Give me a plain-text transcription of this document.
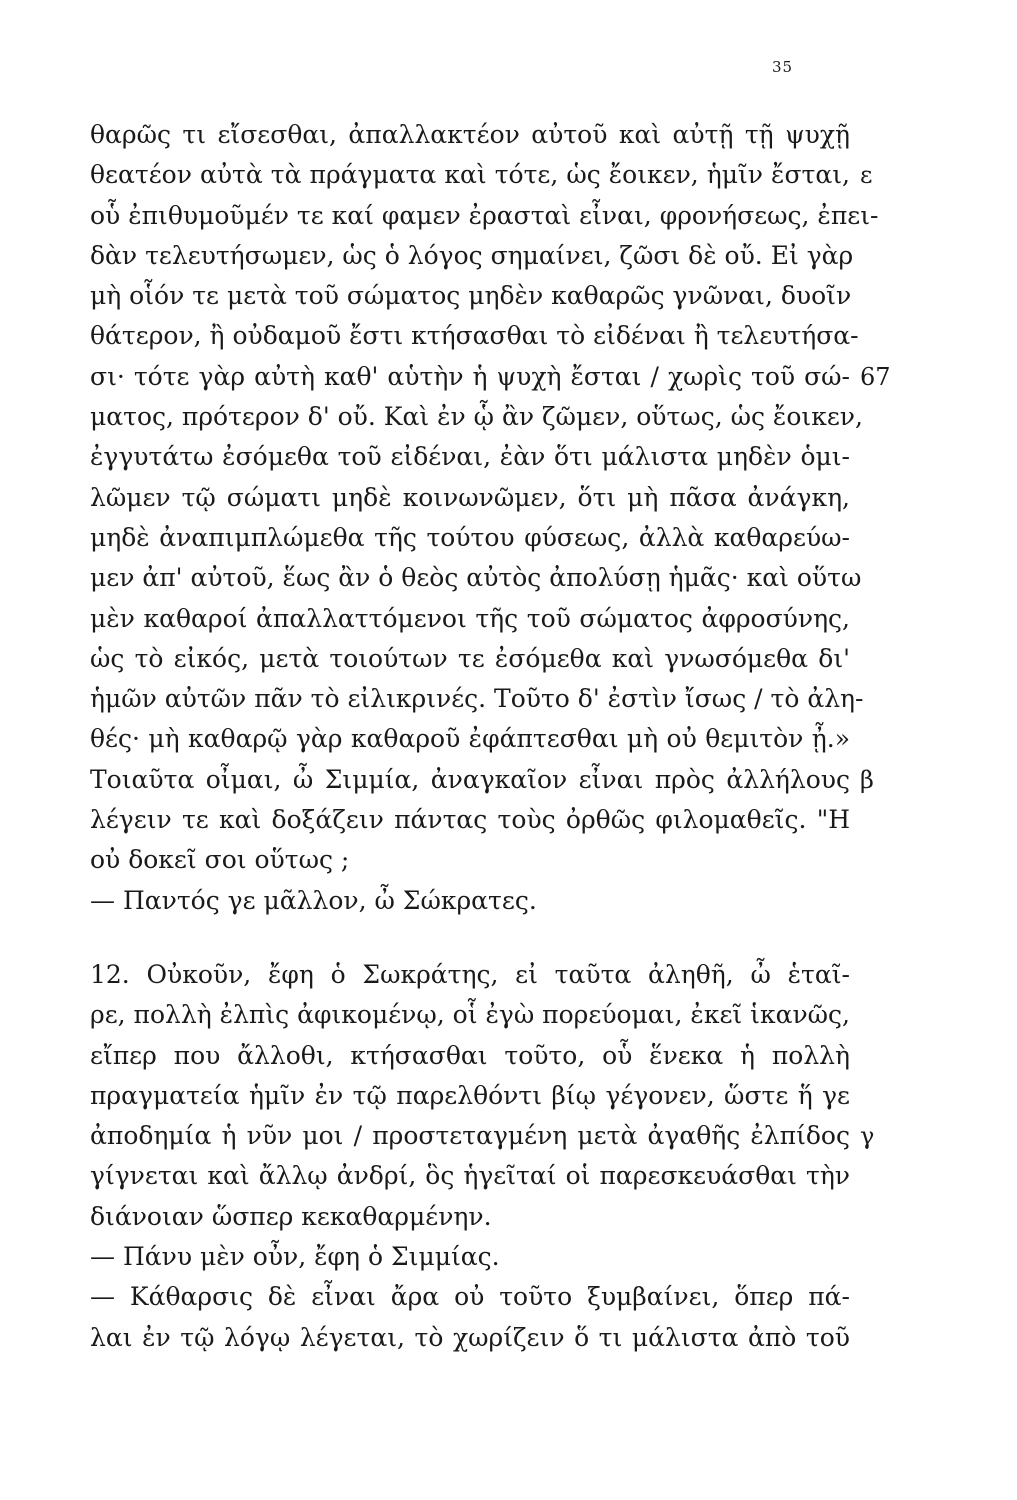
35
θαρῶς τι εἴσεσθαι, ἀπαλλακτέον αὐτοῦ καὶ αὐτῇ τῇ ψυχῇ
θεατέον αὐτὰ τὰ πράγματα καὶ τότε, ὡς ἔοικεν, ἡμῖν ἔσται, ε
οὗ ἐπιθυμοῦμέν τε καί φαμεν ἐρασταὶ εἶναι, φρονήσεως, ἐπει-
δὰν τελευτήσωμεν, ὡς ὁ λόγος σημαίνει, ζῶσι δὲ οὔ. Εἰ γὰρ
μὴ οἷόν τε μετὰ τοῦ σώματος μηδὲν καθαρῶς γνῶναι, δυοῖν
θάτερον, ἢ οὐδαμοῦ ἔστι κτήσασθαι τὸ εἰδέναι ἢ τελευτήσα-
σι· τότε γὰρ αὐτὴ καθ' αὑτὴν ἡ ψυχὴ ἔσται / χωρὶς τοῦ σώ- 67
ματος, πρότερον δ' οὔ. Καὶ ἐν ᾧ ἂν ζῶμεν, οὕτως, ὡς ἔοικεν,
ἐγγυτάτω ἐσόμεθα τοῦ εἰδέναι, ἐὰν ὅτι μάλιστα μηδὲν ὁμι-
λῶμεν τῷ σώματι μηδὲ κοινωνῶμεν, ὅτι μὴ πᾶσα ἀνάγκη,
μηδὲ ἀναπιμπλώμεθα τῆς τούτου φύσεως, ἀλλὰ καθαρεύω-
μεν ἀπ' αὐτοῦ, ἕως ἂν ὁ θεὸς αὐτὸς ἀπολύσῃ ἡμᾶς· καὶ οὕτω
μὲν καθαροί ἀπαλλαττόμενοι τῆς τοῦ σώματος ἀφροσύνης,
ὡς τὸ εἰκός, μετὰ τοιούτων τε ἐσόμεθα καὶ γνωσόμεθα δι'
ἡμῶν αὐτῶν πᾶν τὸ εἰλικρινές. Τοῦτο δ' ἐστὶν ἴσως / τὸ ἀλη-
θές· μὴ καθαρῷ γὰρ καθαροῦ ἐφάπτεσθαι μὴ οὐ θεμιτὸν ᾖ.»
Τοιαῦτα οἶμαι, ὦ Σιμμία, ἀναγκαῖον εἶναι πρὸς ἀλλήλους β
λέγειν τε καὶ δοξάζειν πάντας τοὺς ὀρθῶς φιλομαθεῖς. "Η
οὐ δοκεῖ σοι οὕτως ;
— Παντός γε μᾶλλον, ὦ Σώκρατες.
12. Οὐκοῦν, ἔφη ὁ Σωκράτης, εἰ ταῦτα ἀληθῆ, ὦ ἑταῖ-
ρε, πολλὴ ἐλπὶς ἀφικομένῳ, οἷ ἐγὼ πορεύομαι, ἐκεῖ ἱκανῶς,
εἴπερ που ἄλλοθι, κτήσασθαι τοῦτο, οὗ ἕνεκα ἡ πολλὴ
πραγματεία ἡμῖν ἐν τῷ παρελθόντι βίῳ γέγονεν, ὥστε ἥ γε
ἀποδημία ἡ νῦν μοι / προστεταγμένη μετὰ ἀγαθῆς ἐλπίδος γ
γίγνεται καὶ ἄλλῳ ἀνδρί, ὃς ἡγεῖταί οἱ παρεσκευάσθαι τὴν
διάνοιαν ὥσπερ κεκαθαρμένην.
— Πάνυ μὲν οὖν, ἔφη ὁ Σιμμίας.
— Κάθαρσις δὲ εἶναι ἄρα οὐ τοῦτο ξυμβαίνει, ὅπερ πά-
λαι ἐν τῷ λόγῳ λέγεται, τὸ χωρίζειν ὅ τι μάλιστα ἀπὸ τοῦ
